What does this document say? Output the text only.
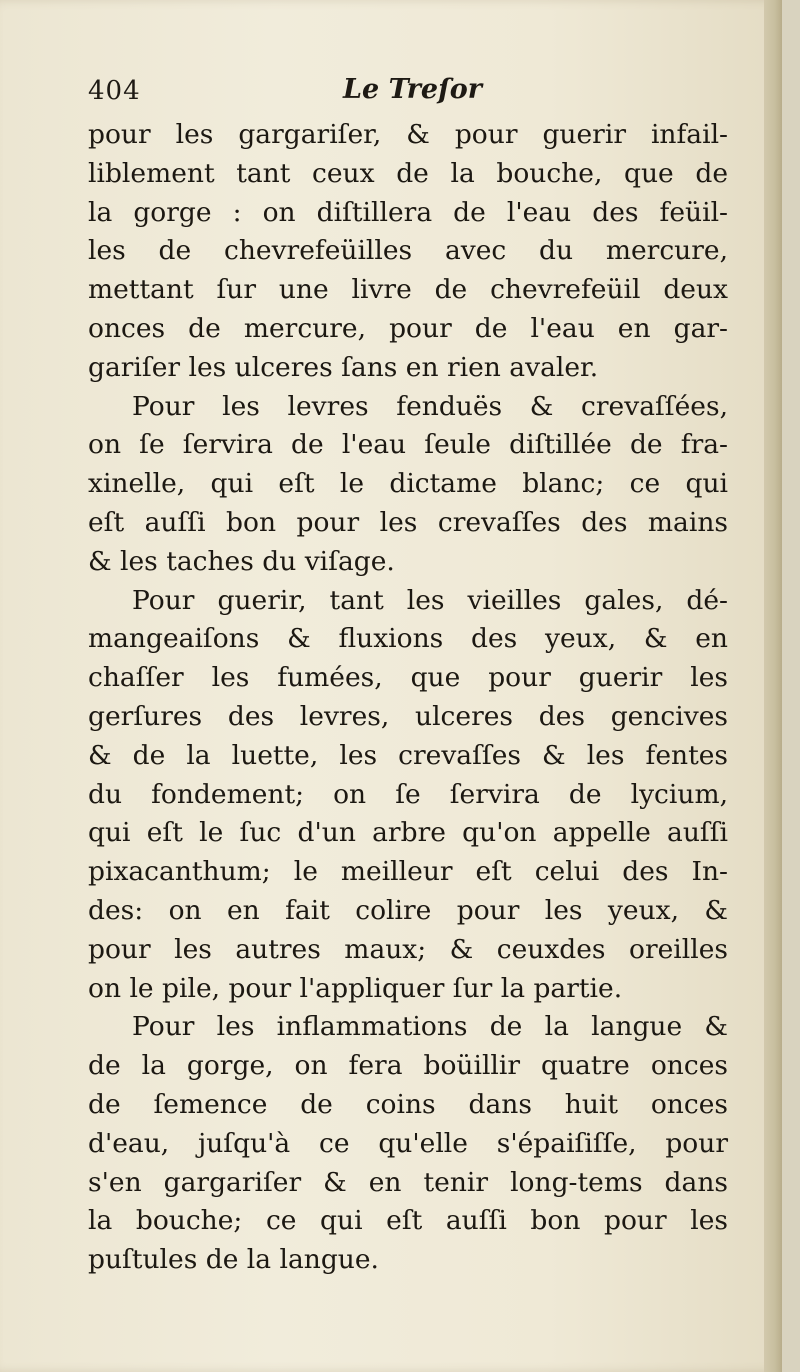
404	Le Treſor
pour les gargariſer, & pour guerir infail-
liblement tant ceux de la bouche, que de
la gorge : on diſtillera de l'eau des feüil-
les de chevrefeüilles avec du mercure,
mettant ſur une livre de chevrefeüil deux
onces de mercure, pour de l'eau en gar-
gariſer les ulceres ſans en rien avaler.
Pour les levres fenduës & crevaſſées,
on ſe ſervira de l'eau ſeule diſtillée de fra-
xinelle, qui eſt le dictame blanc; ce qui
eſt auſſi bon pour les crevaſſes des mains
& les taches du viſage.
Pour guerir, tant les vieilles gales, dé-
mangeaiſons & fluxions des yeux, & en
chaſſer les fumées, que pour guerir les
gerſures des levres, ulceres des gencives
& de la luette, les crevaſſes & les fentes
du fondement; on ſe ſervira de lycium,
qui eſt le ſuc d'un arbre qu'on appelle auſſi
pixacanthum; le meilleur eſt celui des In-
des: on en fait colire pour les yeux, &
pour les autres maux; & ceuxdes oreilles
on le pile, pour l'appliquer ſur la partie.
Pour les inflammations de la langue &
de la gorge, on fera boüillir quatre onces
de ſemence de coins dans huit onces
d'eau, juſqu'à ce qu'elle s'épaiſiſſe, pour
s'en gargariſer & en tenir long-tems dans
la bouche; ce qui eſt auſſi bon pour les
puſtules de la langue.
